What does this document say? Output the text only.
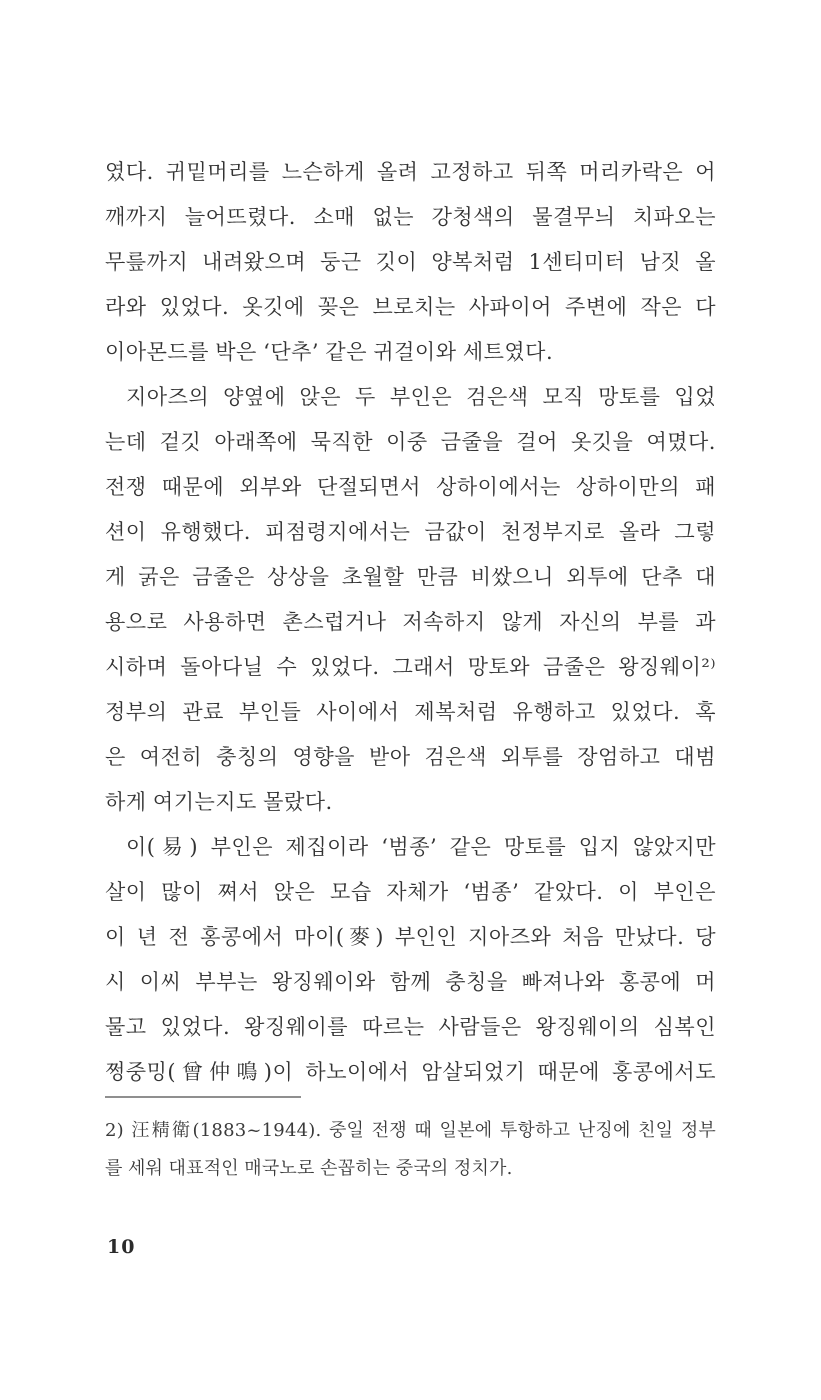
였다. 귀밑머리를 느슨하게 올려 고정하고 뒤쪽 머리카락은 어
깨까지 늘어뜨렸다. 소매 없는 강청색의 물결무늬 치파오는
무릎까지 내려왔으며 둥근 깃이 양복처럼 1센티미터 남짓 올
라와 있었다. 옷깃에 꽂은 브로치는 사파이어 주변에 작은 다
이아몬드를 박은 ‘단추’ 같은 귀걸이와 세트였다.
지아즈의 양옆에 앉은 두 부인은 검은색 모직 망토를 입었
는데 겉깃 아래쪽에 묵직한 이중 금줄을 걸어 옷깃을 여몄다.
전쟁 때문에 외부와 단절되면서 상하이에서는 상하이만의 패
션이 유행했다. 피점령지에서는 금값이 천정부지로 올라 그렇
게 굵은 금줄은 상상을 초월할 만큼 비쌌으니 외투에 단추 대
용으로 사용하면 촌스럽거나 저속하지 않게 자신의 부를 과
시하며 돌아다닐 수 있었다. 그래서 망토와 금줄은 왕징웨이²⁾
정부의 관료 부인들 사이에서 제복처럼 유행하고 있었다. 혹
은 여전히 충칭의 영향을 받아 검은색 외투를 장엄하고 대범
하게 여기는지도 몰랐다.
이(易) 부인은 제집이라 ‘범종’ 같은 망토를 입지 않았지만
살이 많이 쪄서 앉은 모습 자체가 ‘범종’ 같았다. 이 부인은
이 년 전 홍콩에서 마이(麥) 부인인 지아즈와 처음 만났다. 당
시 이씨 부부는 왕징웨이와 함께 충칭을 빠져나와 홍콩에 머
물고 있었다. 왕징웨이를 따르는 사람들은 왕징웨이의 심복인
쩡중밍(曾仲鳴)이 하노이에서 암살되었기 때문에 홍콩에서도
2) 汪精衛(1883~1944). 중일 전쟁 때 일본에 투항하고 난징에 친일 정부
를 세워 대표적인 매국노로 손꼽히는 중국의 정치가.
10
